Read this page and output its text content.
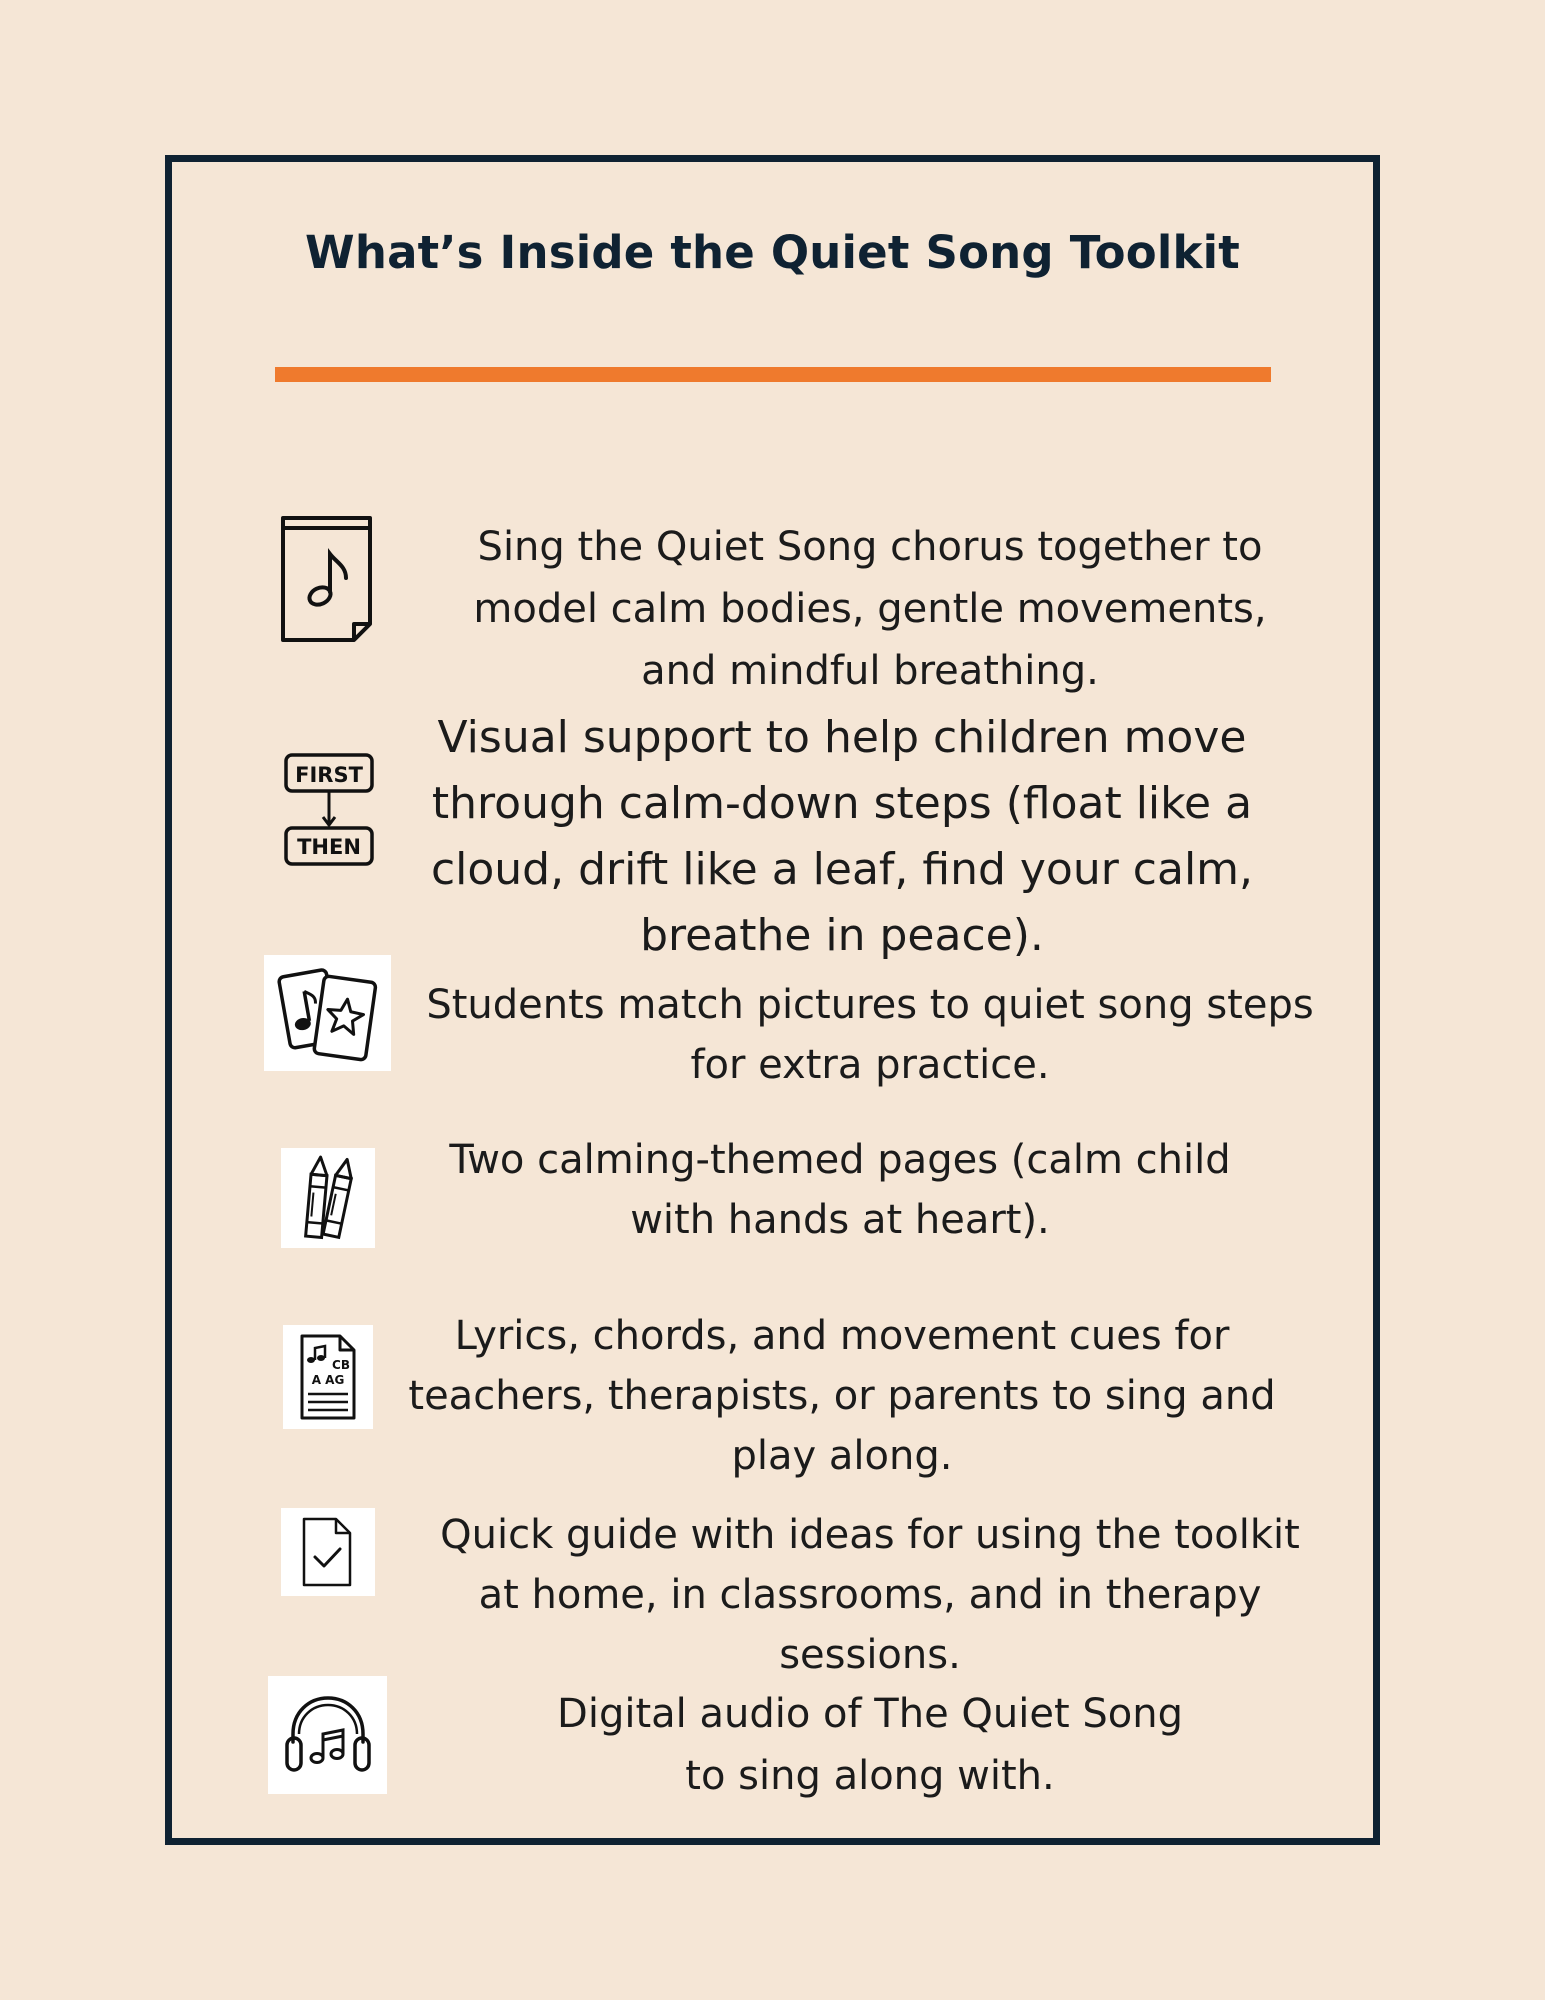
What’s Inside the Quiet Song Toolkit
Sing the Quiet Song chorus together to
model calm bodies, gentle movements,
and mindful breathing.
FIRST
THEN
Visual support to help children move
through calm-down steps (float like a
cloud, drift like a leaf, find your calm,
breathe in peace).
Students match pictures to quiet song steps
for extra practice.
Two calming-themed pages (calm child
with hands at heart).
CB
A AG
Lyrics, chords, and movement cues for
teachers, therapists, or parents to sing and
play along.
Quick guide with ideas for using the toolkit
at home, in classrooms, and in therapy
sessions.
Digital audio of The Quiet Song
to sing along with.
